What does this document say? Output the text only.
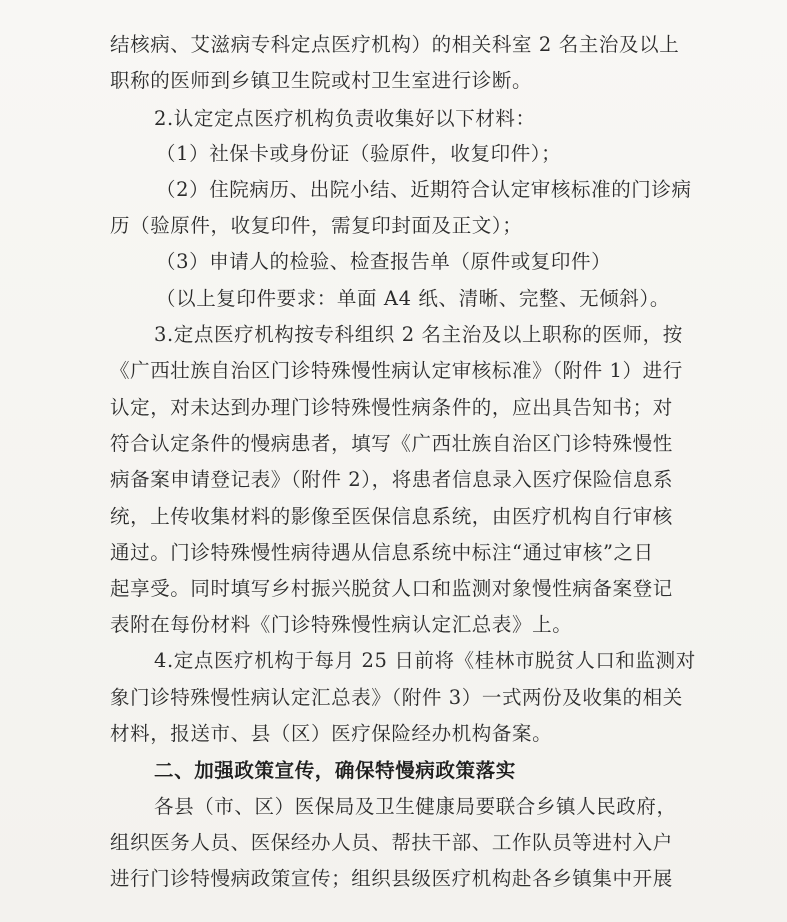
结核病、艾滋病专科定点医疗机构）的相关科室 2 名主治及以上
职称的医师到乡镇卫生院或村卫生室进行诊断。
2.认定定点医疗机构负责收集好以下材料：
（1）社保卡或身份证（验原件，收复印件）；
（2）住院病历、出院小结、近期符合认定审核标准的门诊病
历（验原件，收复印件，需复印封面及正文）；
（3）申请人的检验、检查报告单（原件或复印件）
（以上复印件要求：单面 A4 纸、清晰、完整、无倾斜）。
3.定点医疗机构按专科组织 2 名主治及以上职称的医师，按
《广西壮族自治区门诊特殊慢性病认定审核标准》（附件 1）进行
认定，对未达到办理门诊特殊慢性病条件的，应出具告知书；对
符合认定条件的慢病患者，填写《广西壮族自治区门诊特殊慢性
病备案申请登记表》（附件 2），将患者信息录入医疗保险信息系
统，上传收集材料的影像至医保信息系统，由医疗机构自行审核
通过。门诊特殊慢性病待遇从信息系统中标注“通过审核”之日
起享受。同时填写乡村振兴脱贫人口和监测对象慢性病备案登记
表附在每份材料《门诊特殊慢性病认定汇总表》上。
4.定点医疗机构于每月 25 日前将《桂林市脱贫人口和监测对
象门诊特殊慢性病认定汇总表》（附件 3）一式两份及收集的相关
材料，报送市、县（区）医疗保险经办机构备案。
二、加强政策宣传，确保特慢病政策落实
各县（市、区）医保局及卫生健康局要联合乡镇人民政府，
组织医务人员、医保经办人员、帮扶干部、工作队员等进村入户
进行门诊特慢病政策宣传；组织县级医疗机构赴各乡镇集中开展
